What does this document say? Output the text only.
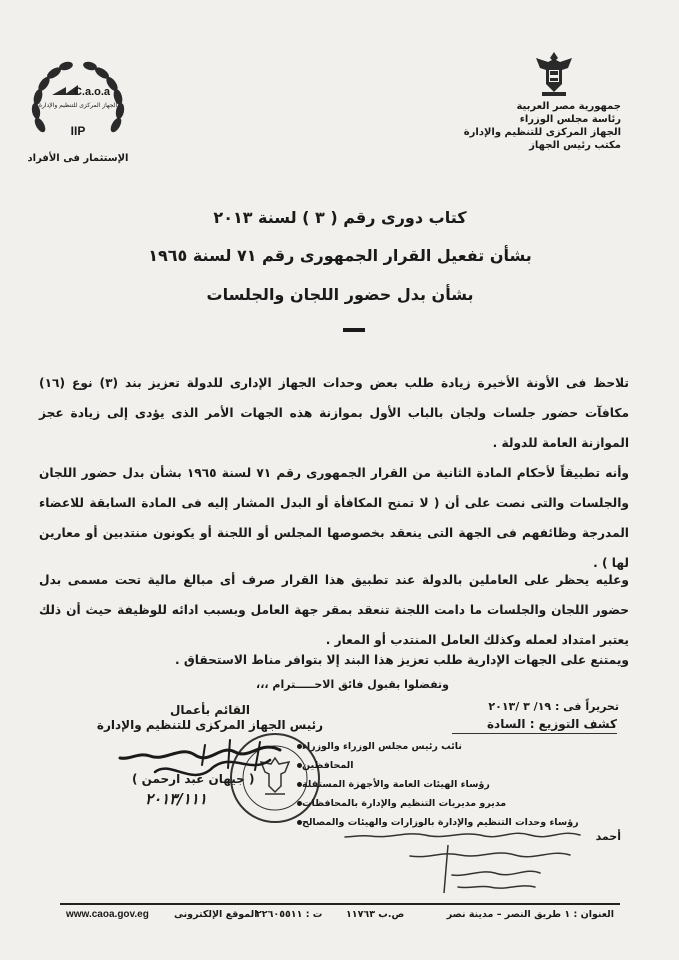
جمهورية مصر العربية
رئاسة مجلس الوزراء
الجهاز المركزى للتنظيم والإدارة
مكتب رئيس الجهاز
C.a.o.a
الجهاز المركزى للتنظيم والإدارة
IIP
الإستثمار فى الأفراد
كتاب دورى رقم ( ٣ ) لسنة ٢٠١٣
بشأن تفعيل القرار الجمهورى رقم ٧١ لسنة ١٩٦٥
بشأن بدل حضور اللجان والجلسات
تلاحظ فى الأونة الأخيرة زيادة طلب بعض وحدات الجهاز الإدارى للدولة تعزيز بند (٣) نوع (١٦) مكافآت حضور جلسات ولجان بالباب الأول بموازنة هذه الجهات الأمر الذى يؤدى إلى زيادة عجز الموازنة العامة للدولة .
وأنه تطبيقاً لأحكام المادة الثانية من القرار الجمهورى رقم ٧١ لسنة ١٩٦٥ بشأن بدل حضور اللجان والجلسات والتى نصت على أن ( لا تمنح المكافأة أو البدل المشار إليه فى المادة السابقة للاعضاء المدرجة وظائفهم فى الجهة التى ينعقد بخصوصها المجلس أو اللجنة أو يكونون منتدبين أو معارين لها ) .
وعليه يحظر على العاملين بالدولة عند تطبيق هذا القرار صرف أى مبالغ مالية تحت مسمى بدل حضور اللجان والجلسات ما دامت اللجنة تنعقد بمقر جهة العامل وبسبب ادائه للوظيفة حيث أن ذلك يعتبر امتداد لعمله وكذلك العامل المنتدب أو المعار .
ويمتنع على الجهات الإدارية طلب تعزيز هذا البند إلا بتوافر مناط الاستحقاق .
وتفضلوا بقبول فائق الاحـــــترام ،،،
القائم بأعمال
رئيس الجهاز المركزى للتنظيم والإدارة
( جيهان عبد ارحمن )
٢٠١٣/١١١
تحريراً فى : ١٩/ ٣ /٢٠١٣
كشف التوزيع : السادة
نائب رئيس مجلس الوزراء والوزراء
المحافظين
رؤساء الهيئات العامة والأجهزة المستقلة
مديرو مديريات التنظيم والإدارة بالمحافظات
رؤساء وحدات التنظيم والإدارة بالوزارات والهيئات والمصالح
أحمد
العنوان : ١ طريق النصر – مدينة نصر
ص.ب ١١٧٦٣
ت : ٢٢٦٠٥٥١١
الموقع الإلكترونى
www.caoa.gov.eg
